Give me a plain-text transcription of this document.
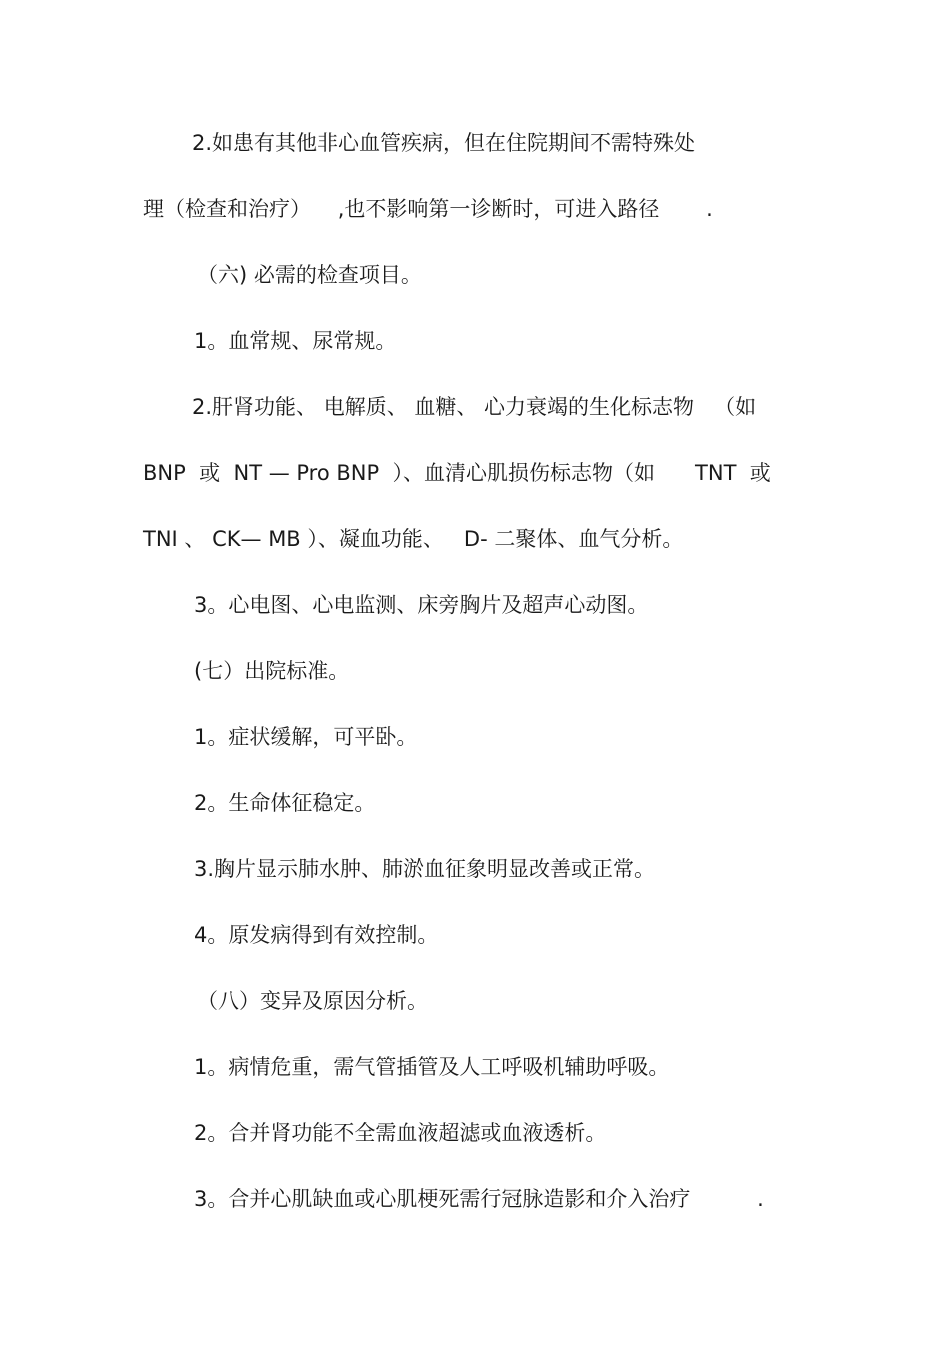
2.如患有其他非心血管疾病，但在住院期间不需特殊处

理（检查和治疗）    ,也不影响第一诊断时，可进入路径       .

（六) 必需的检查项目。

1。血常规、尿常规。

2.肝肾功能、 电解质、 血糖、 心力衰竭的生化标志物   （如

BNP  或  NT — Pro BNP  ）、血清心肌损伤标志物（如      TNT  或

TNI 、 CK— MB ）、凝血功能、   D- 二聚体、血气分析。

3。心电图、心电监测、床旁胸片及超声心动图。

(七）出院标准。

1。症状缓解，可平卧。

2。生命体征稳定。

3.胸片显示肺水肿、肺淤血征象明显改善或正常。

4。原发病得到有效控制。

（八）变异及原因分析。

1。病情危重，需气管插管及人工呼吸机辅助呼吸。

2。合并肾功能不全需血液超滤或血液透析。

3。合并心肌缺血或心肌梗死需行冠脉造影和介入治疗          .
